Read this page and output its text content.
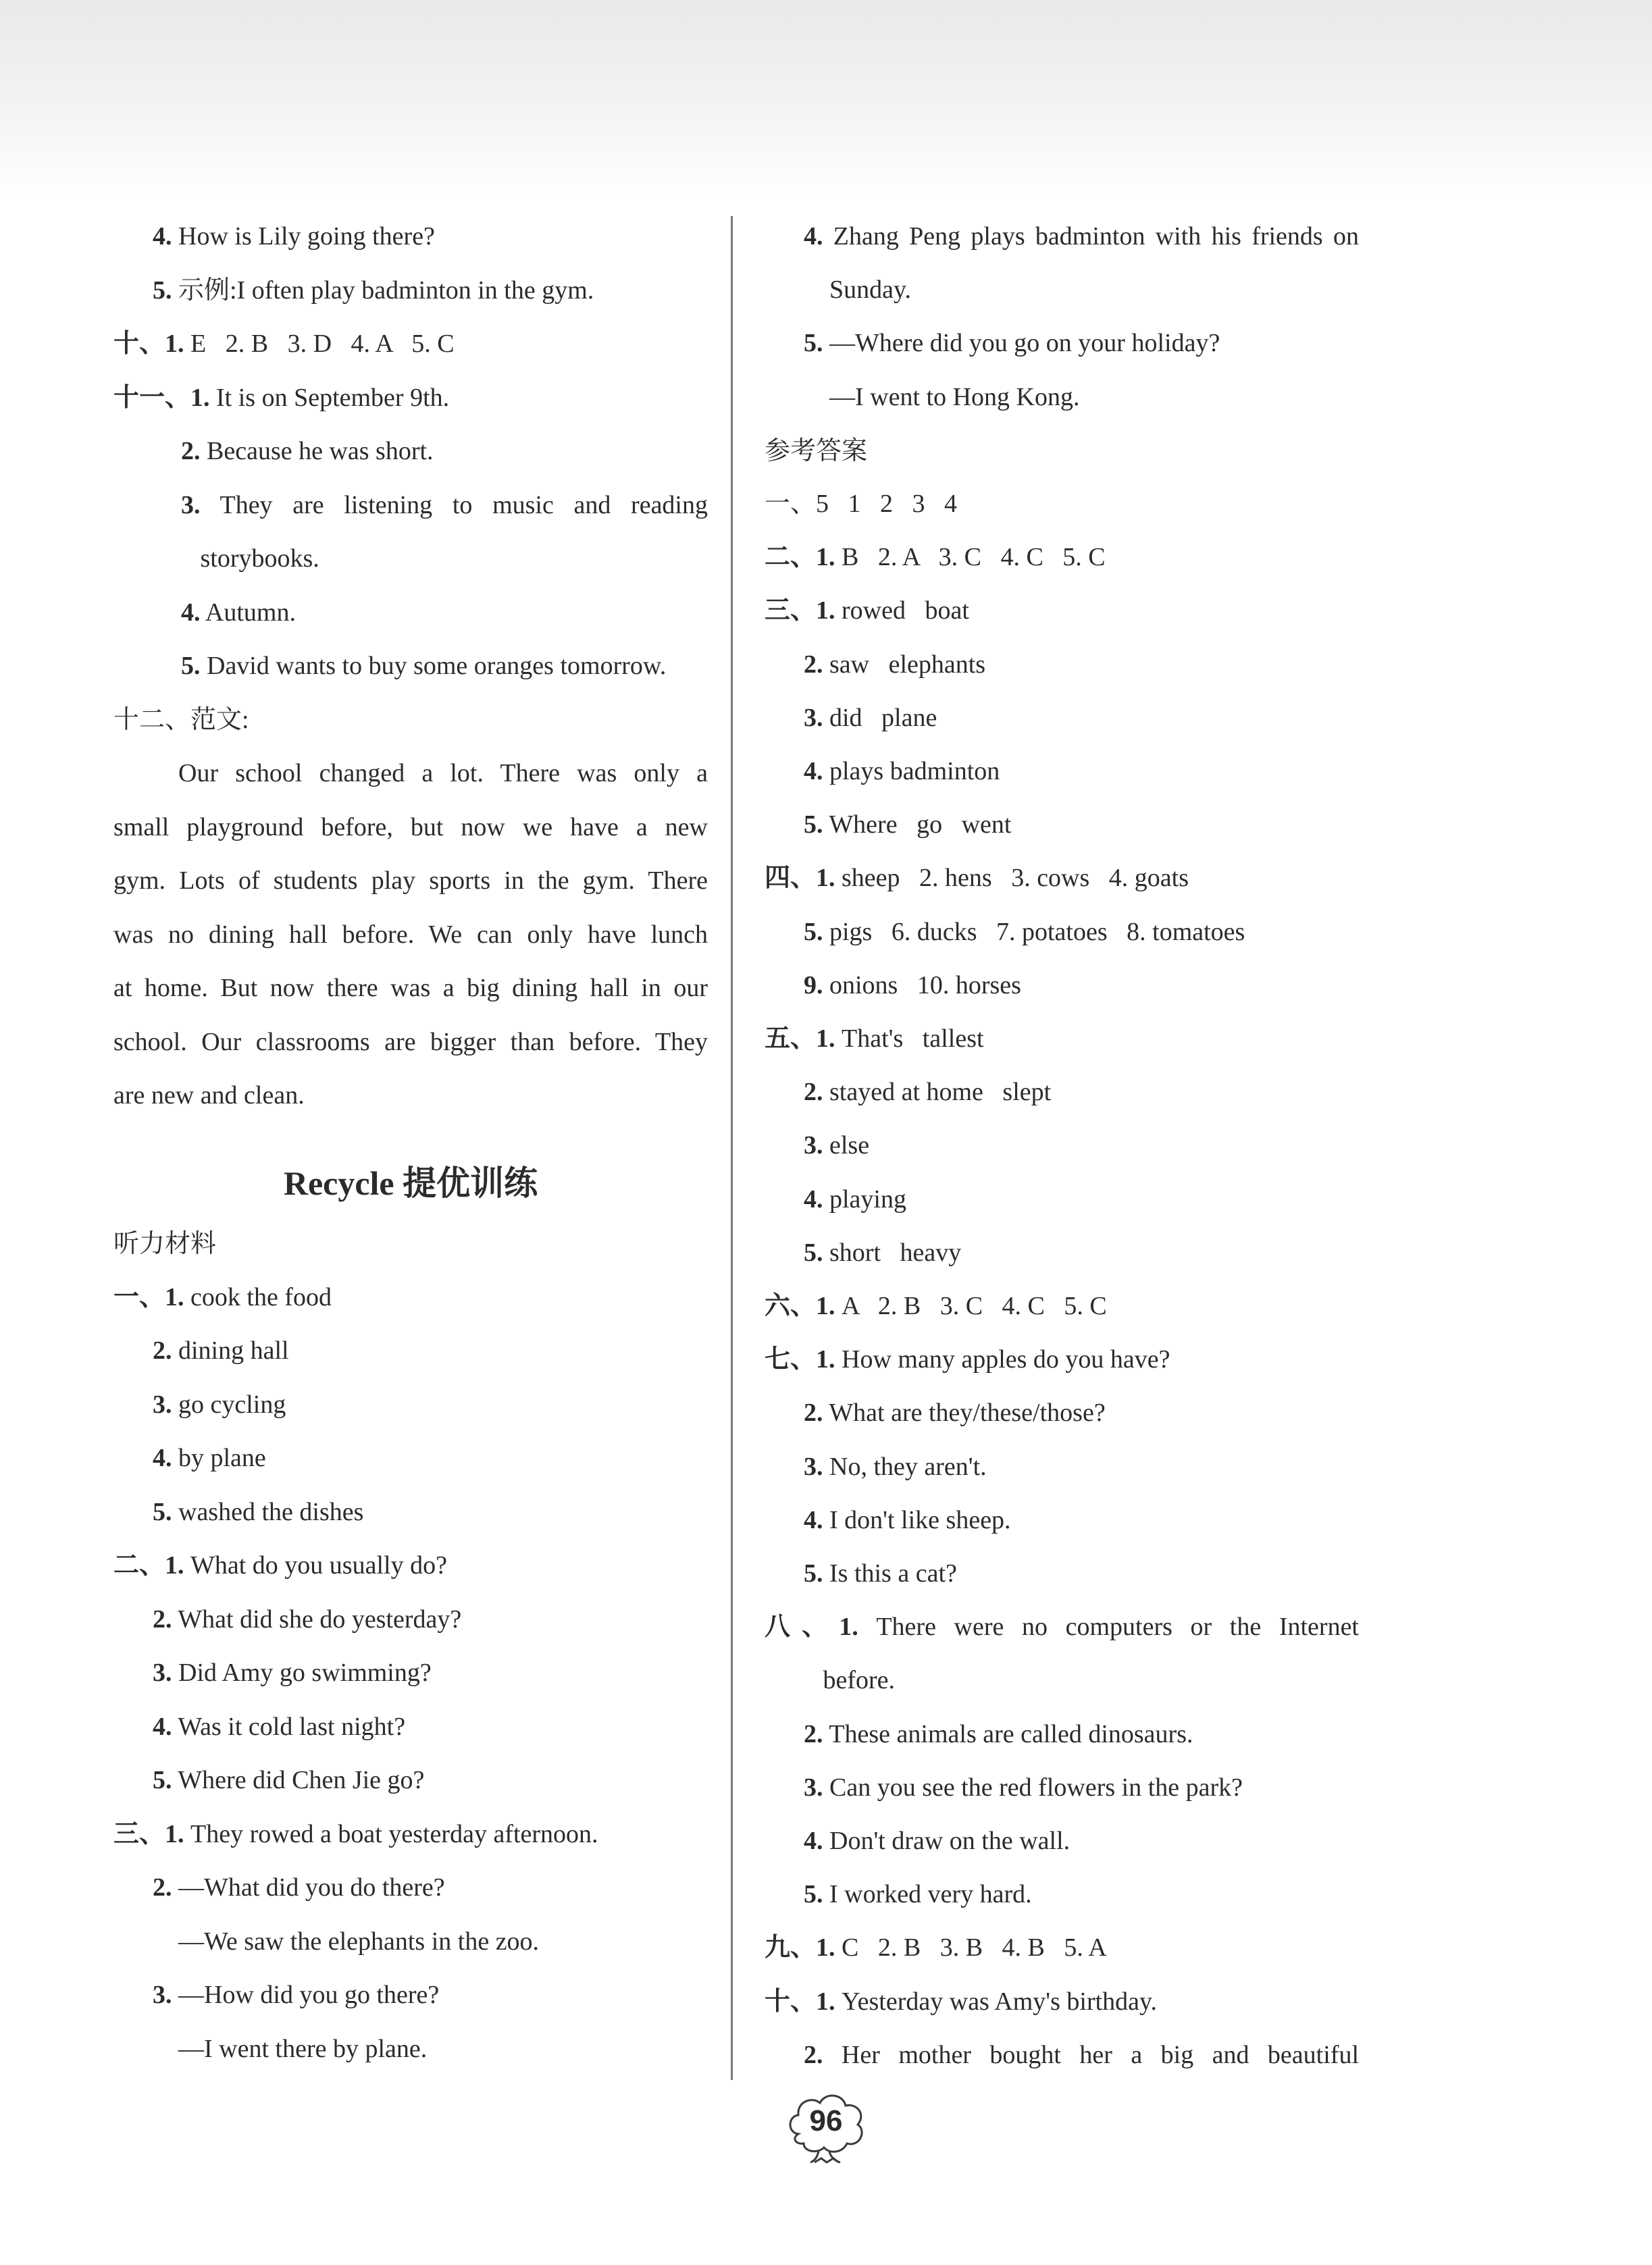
4. How is Lily going there?
5. 示例:I often play badminton in the gym.
十、1. E   2. B   3. D   4. A   5. C
十一、1. It is on September 9th.
2. Because he was short.
3. They are listening to music and reading
storybooks.
4. Autumn.
5. David wants to buy some oranges tomorrow.
十二、范文:
Our school changed a lot. There was only a
small playground before, but now we have a new
gym. Lots of students play sports in the gym. There
was no dining hall before. We can only have lunch
at home. But now there was a big dining hall in our
school. Our classrooms are bigger than before. They
are new and clean.
Recycle 提优训练
听力材料
一、1. cook the food
2. dining hall
3. go cycling
4. by plane
5. washed the dishes
二、1. What do you usually do?
2. What did she do yesterday?
3. Did Amy go swimming?
4. Was it cold last night?
5. Where did Chen Jie go?
三、1. They rowed a boat yesterday afternoon.
2. —What did you do there?
—We saw the elephants in the zoo.
3. —How did you go there?
—I went there by plane.
4. Zhang Peng plays badminton with his friends on
Sunday.
5. —Where did you go on your holiday?
—I went to Hong Kong.
参考答案
一、5   1   2   3   4
二、1. B   2. A   3. C   4. C   5. C
三、1. rowed   boat
2. saw   elephants
3. did   plane
4. plays badminton
5. Where   go   went
四、1. sheep   2. hens   3. cows   4. goats
5. pigs   6. ducks   7. potatoes   8. tomatoes
9. onions   10. horses
五、1. That's   tallest
2. stayed at home   slept
3. else
4. playing
5. short   heavy
六、1. A   2. B   3. C   4. C   5. C
七、1. How many apples do you have?
2. What are they/these/those?
3. No, they aren't.
4. I don't like sheep.
5. Is this a cat?
八、1. There were no computers or the Internet
before.
2. These animals are called dinosaurs.
3. Can you see the red flowers in the park?
4. Don't draw on the wall.
5. I worked very hard.
九、1. C   2. B   3. B   4. B   5. A
十、1. Yesterday was Amy's birthday.
2. Her mother bought her a big and beautiful
96
